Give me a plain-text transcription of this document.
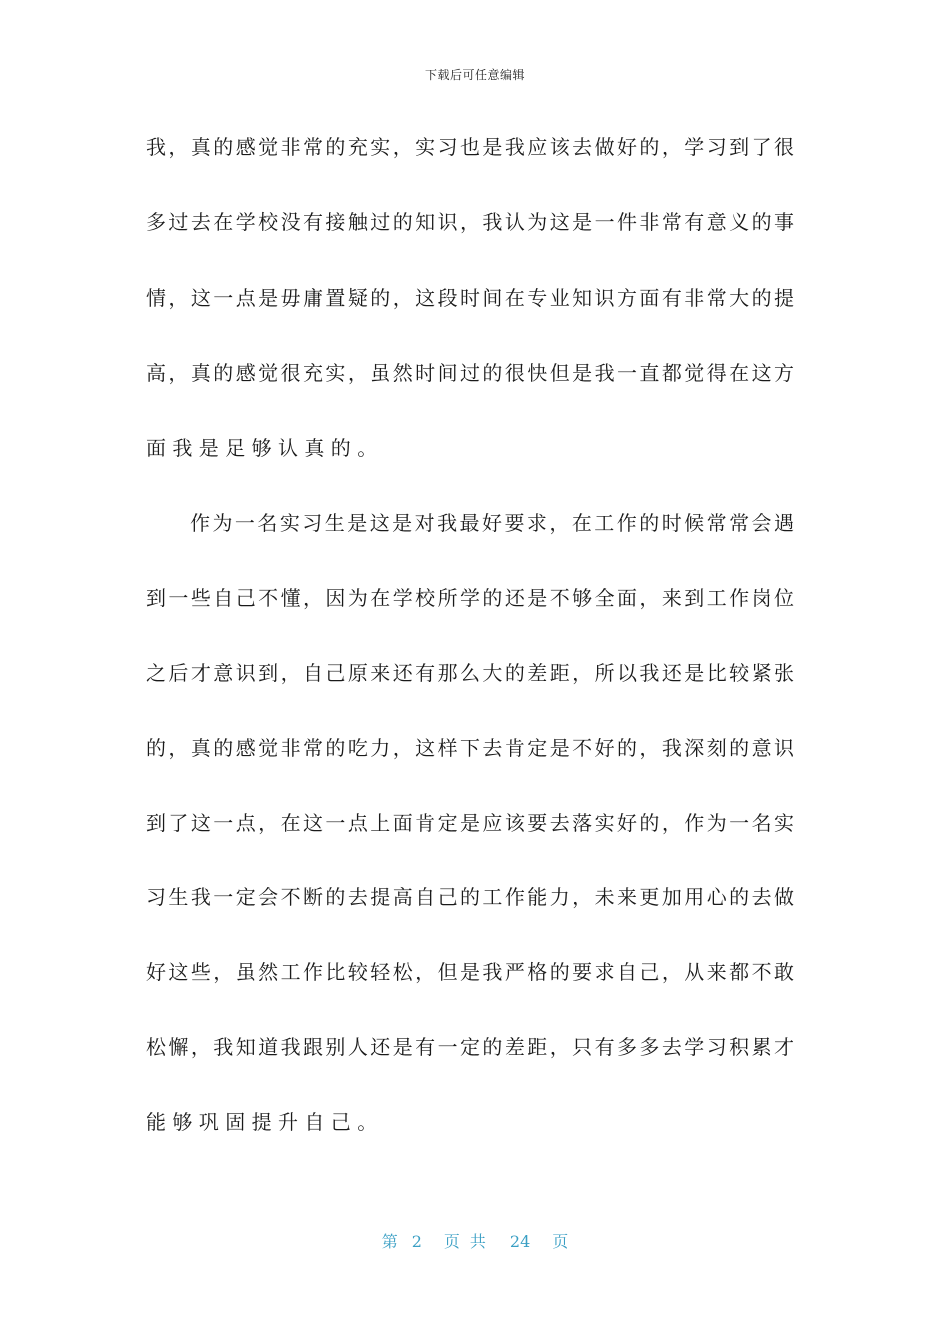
下载后可任意编辑
我，真的感觉非常的充实，实习也是我应该去做好的，学习到了很
多过去在学校没有接触过的知识，我认为这是一件非常有意义的事
情，这一点是毋庸置疑的，这段时间在专业知识方面有非常大的提
高，真的感觉很充实，虽然时间过的很快但是我一直都觉得在这方
面我是足够认真的。
作为一名实习生是这是对我最好要求，在工作的时候常常会遇
到一些自己不懂，因为在学校所学的还是不够全面，来到工作岗位
之后才意识到，自己原来还有那么大的差距，所以我还是比较紧张
的，真的感觉非常的吃力，这样下去肯定是不好的，我深刻的意识
到了这一点，在这一点上面肯定是应该要去落实好的，作为一名实
习生我一定会不断的去提高自己的工作能力，未来更加用心的去做
好这些，虽然工作比较轻松，但是我严格的要求自己，从来都不敢
松懈，我知道我跟别人还是有一定的差距，只有多多去学习积累才
能够巩固提升自己。
第 2 页共 24 页
